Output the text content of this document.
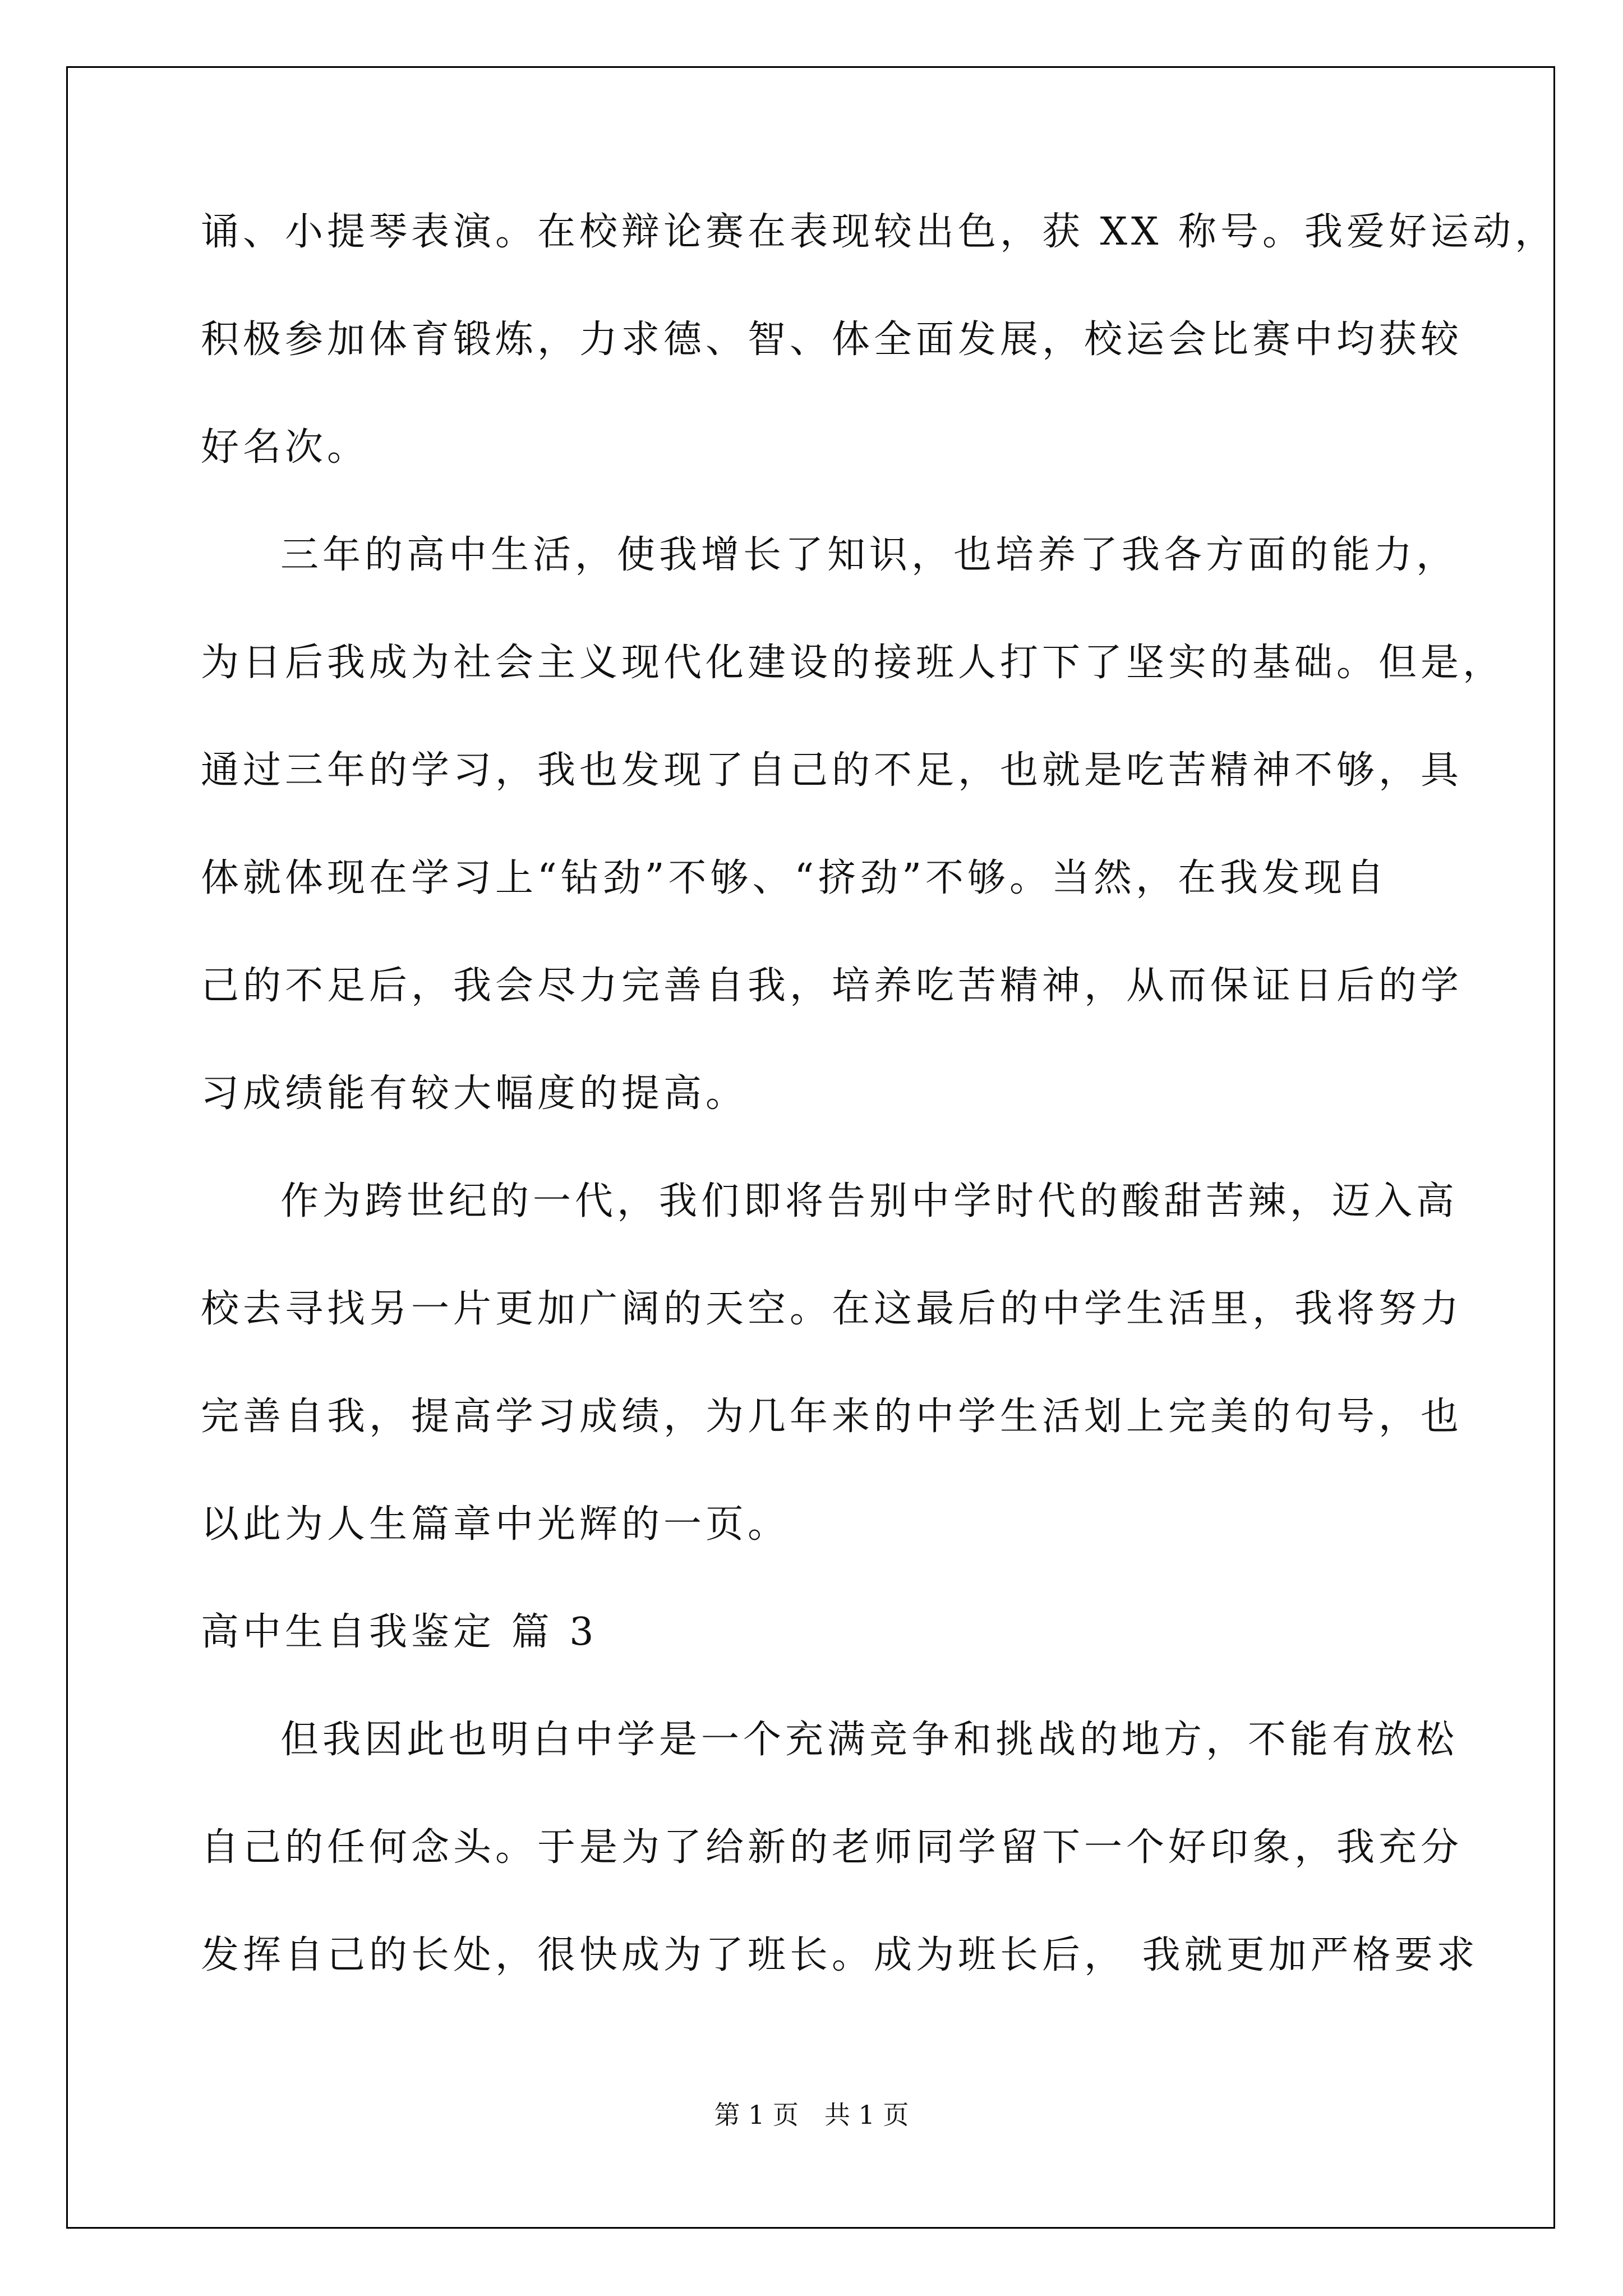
诵、小提琴表演。在校辩论赛在表现较出色，获 XX 称号。我爱好运动，
积极参加体育锻炼，力求德、智、体全面发展，校运会比赛中均获较
好名次。
三年的高中生活，使我增长了知识，也培养了我各方面的能力，
为日后我成为社会主义现代化建设的接班人打下了坚实的基础。但是，
通过三年的学习，我也发现了自己的不足，也就是吃苦精神不够，具
体就体现在学习上“钻劲”不够、“挤劲”不够。当然，在我发现自
己的不足后，我会尽力完善自我，培养吃苦精神，从而保证日后的学
习成绩能有较大幅度的提高。
作为跨世纪的一代，我们即将告别中学时代的酸甜苦辣，迈入高
校去寻找另一片更加广阔的天空。在这最后的中学生活里，我将努力
完善自我，提高学习成绩，为几年来的中学生活划上完美的句号，也
以此为人生篇章中光辉的一页。
高中生自我鉴定 篇 3
但我因此也明白中学是一个充满竞争和挑战的地方，不能有放松
自己的任何念头。于是为了给新的老师同学留下一个好印象，我充分
发挥自己的长处，很快成为了班长。成为班长后， 我就更加严格要求
第 1 页　共 1 页
